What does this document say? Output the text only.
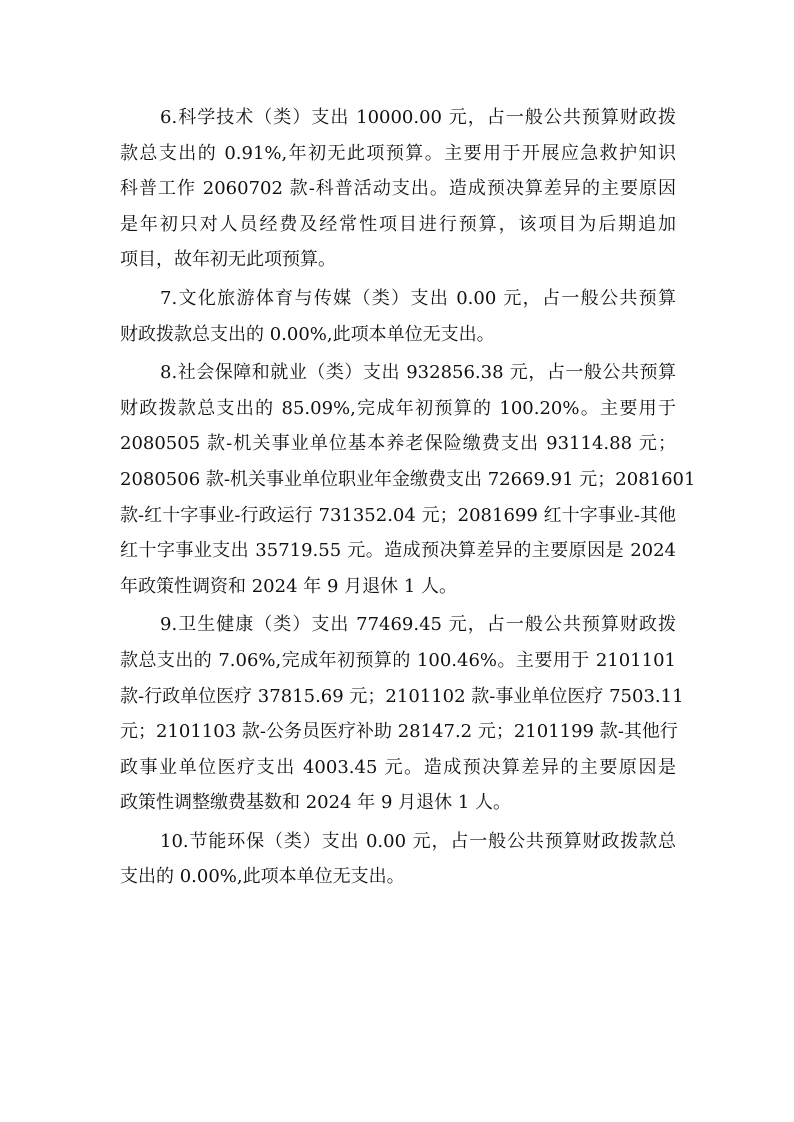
6.科学技术（类）支出 10000.00 元，占一般公共预算财政拨
款总支出的 0.91%,年初无此项预算。主要用于开展应急救护知识
科普工作 2060702 款-科普活动支出。造成预决算差异的主要原因
是年初只对人员经费及经常性项目进行预算，该项目为后期追加
项目，故年初无此项预算。
7.文化旅游体育与传媒（类）支出 0.00 元，占一般公共预算
财政拨款总支出的 0.00%,此项本单位无支出。
8.社会保障和就业（类）支出 932856.38 元，占一般公共预算
财政拨款总支出的 85.09%,完成年初预算的 100.20%。主要用于
2080505 款-机关事业单位基本养老保险缴费支出 93114.88 元；
2080506 款-机关事业单位职业年金缴费支出 72669.91 元；2081601
款-红十字事业-行政运行 731352.04 元；2081699 红十字事业-其他
红十字事业支出 35719.55 元。造成预决算差异的主要原因是 2024
年政策性调资和 2024 年 9 月退休 1 人。
9.卫生健康（类）支出 77469.45 元，占一般公共预算财政拨
款总支出的 7.06%,完成年初预算的 100.46%。主要用于 2101101
款-行政单位医疗 37815.69 元；2101102 款-事业单位医疗 7503.11
元；2101103 款-公务员医疗补助 28147.2 元；2101199 款-其他行
政事业单位医疗支出 4003.45 元。造成预决算差异的主要原因是
政策性调整缴费基数和 2024 年 9 月退休 1 人。
10.节能环保（类）支出 0.00 元，占一般公共预算财政拨款总
支出的 0.00%,此项本单位无支出。
